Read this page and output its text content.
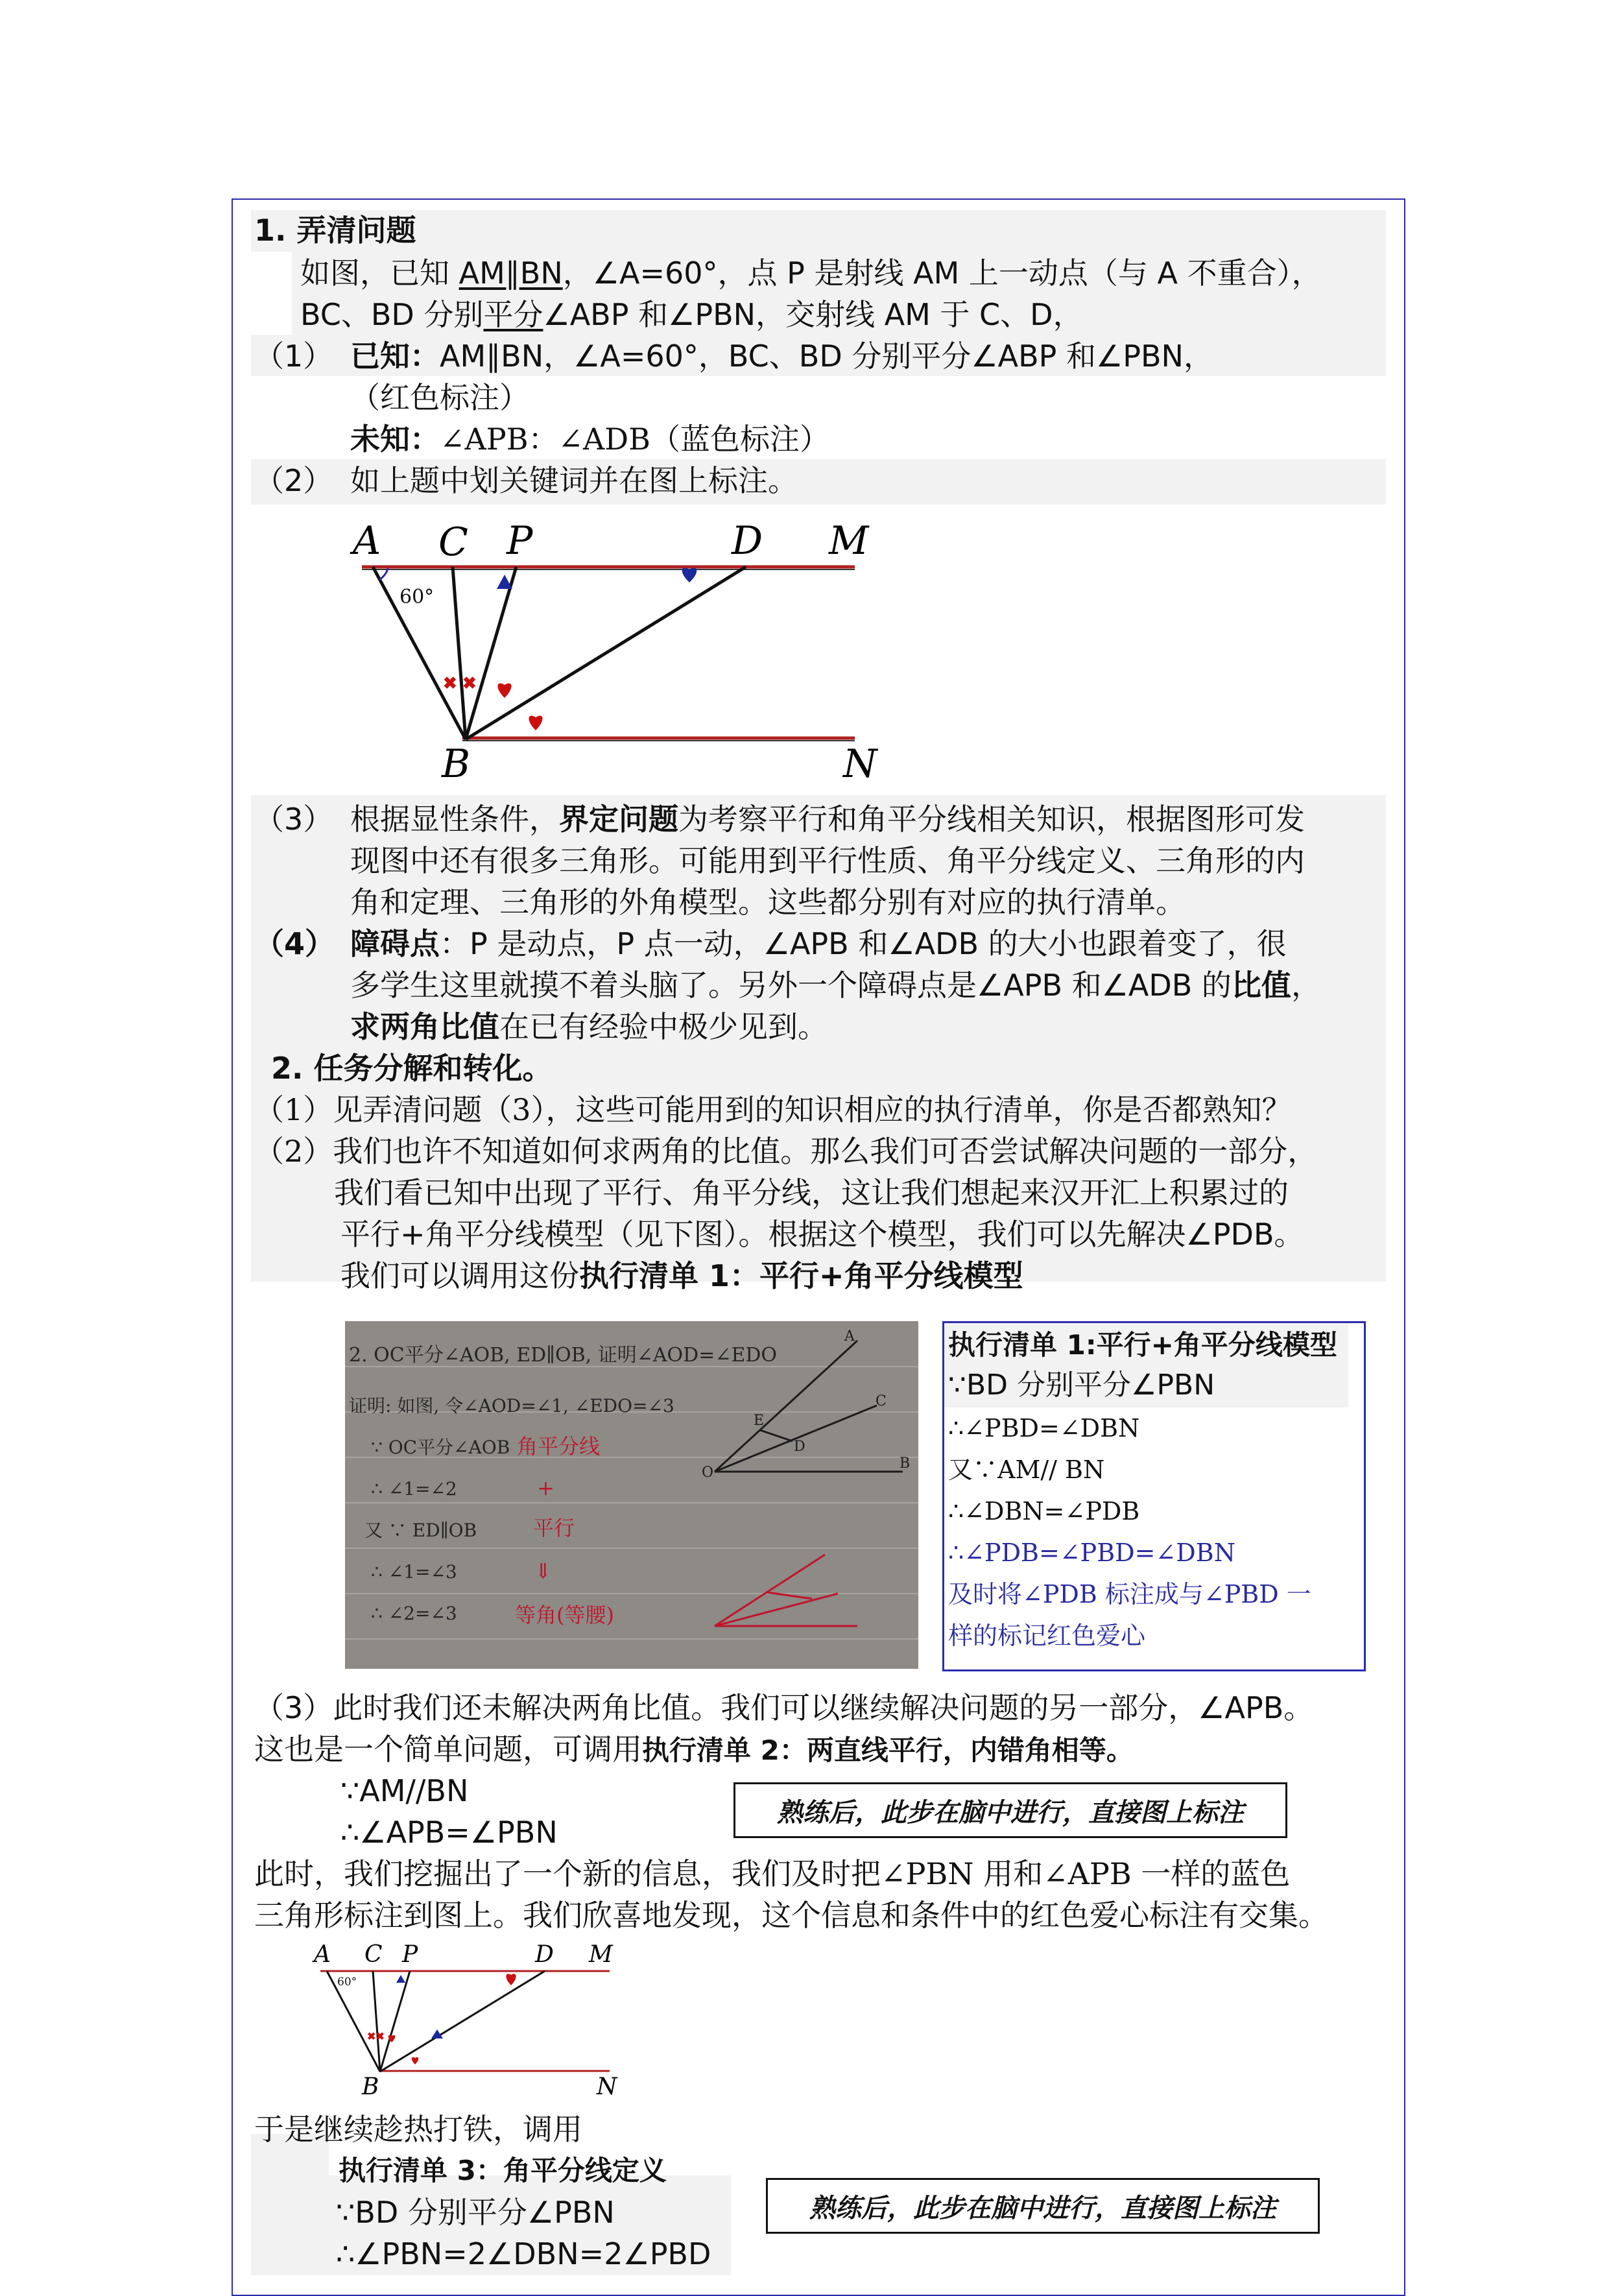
1. 弄清问题
如图，已知 AM∥BN，∠A=60°，点 P 是射线 AM 上一动点（与 A 不重合），
BC、BD 分别平分∠ABP 和∠PBN，交射线 AM 于 C、D，
（1） 已知：AM∥BN，∠A=60°，BC、BD 分别平分∠ABP 和∠PBN，
（红色标注）
未知：∠APB：∠ADB（蓝色标注）
（2） 如上题中划关键词并在图上标注。
60°
✖ ✖
A C P	D M
B	N
（3） 根据显性条件，界定问题为考察平行和角平分线相关知识，根据图形可发
现图中还有很多三角形。可能用到平行性质、角平分线定义、三角形的内
角和定理、三角形的外角模型。这些都分别有对应的执行清单。
（4） 障碍点：P 是动点，P 点一动，∠APB 和∠ADB 的大小也跟着变了，很
多学生这里就摸不着头脑了。另外一个障碍点是∠APB 和∠ADB 的比值，
求两角比值在已有经验中极少见到。
2. 任务分解和转化。
（1）见弄清问题（3），这些可能用到的知识相应的执行清单，你是否都熟知？
（2）我们也许不知道如何求两角的比值。那么我们可否尝试解决问题的一部分，
我们看已知中出现了平行、角平分线，这让我们想起来汉开汇上积累过的
平行+角平分线模型（见下图）。根据这个模型，我们可以先解决∠PDB。
我们可以调用这份执行清单 1：平行+角平分线模型
2. OC平分∠AOB, ED∥OB, 证明∠AOD=∠EDO
证明: 如图, 令∠AOD=∠1, ∠EDO=∠3
∵ OC平分∠AOB
∴ ∠1=∠2
又 ∵ ED∥OB
∴ ∠1=∠3
∴ ∠2=∠3
角平分线
+
平行
⇓
等角(等腰)
A
E
C
O
D
B
执行清单 1:平行+角平分线模型
∵BD 分别平分∠PBN
∴∠PBD=∠DBN
又∵AM// BN
∴∠DBN=∠PDB
∴∠PDB=∠PBD=∠DBN
及时将∠PDB 标注成与∠PBD 一
样的标记红色爱心
（3）此时我们还未解决两角比值。我们可以继续解决问题的另一部分，∠APB。
这也是一个简单问题，可调用执行清单 2：两直线平行，内错角相等。
∵AM//BN
∴∠APB=∠PBN
熟练后，此步在脑中进行，直接图上标注
此时，我们挖掘出了一个新的信息，我们及时把∠PBN 用和∠APB 一样的蓝色
三角形标注到图上。我们欣喜地发现，这个信息和条件中的红色爱心标注有交集。
60°
✖✖
A C P	D M
B	N
于是继续趁热打铁，调用
执行清单 3：角平分线定义
∵BD 分别平分∠PBN
∴∠PBN=2∠DBN=2∠PBD
熟练后，此步在脑中进行，直接图上标注
